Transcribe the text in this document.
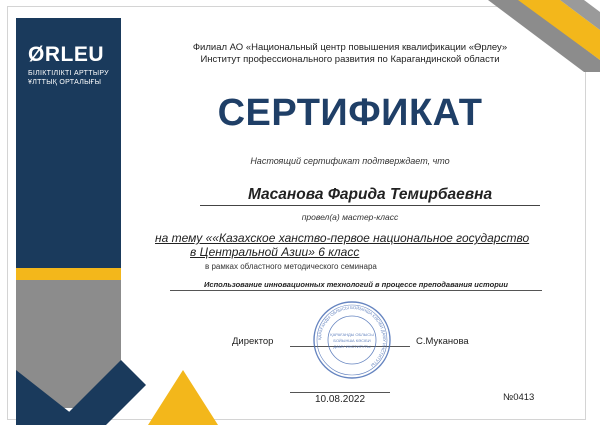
ØRLEU
БІЛІКТІЛІКТІ АРТТЫРУ
ҰЛТТЫҚ ОРТАЛЫҒЫ
Филиал АО «Национальный центр повышения квалификации «Өрлеу»
Институт профессионального развития по Карагандинской области
СЕРТИФИКАТ
Настоящий сертификат подтверждает, что
Масанова Фарида Темирбаевна
провел(а) мастер-класс
на тему ««Казахское ханство-первое национальное государство
в Центральной Азии» 6 класс
в рамках областного методического семинара
Использование инновационных технологий в процессе преподавания истории
Директор	С.Муканова
ҚАРАҒАНДЫ ОБЛЫСЫ БОЙЫНША КӘСІБИ ДАМУ ИНСТИТУТЫ
ҚАРАҒАНДЫ ОБЛЫСЫ
БОЙЫНША КӘСІБИ
ДАМУ ИНСТИТУТЫ
10.08.2022	№0413
